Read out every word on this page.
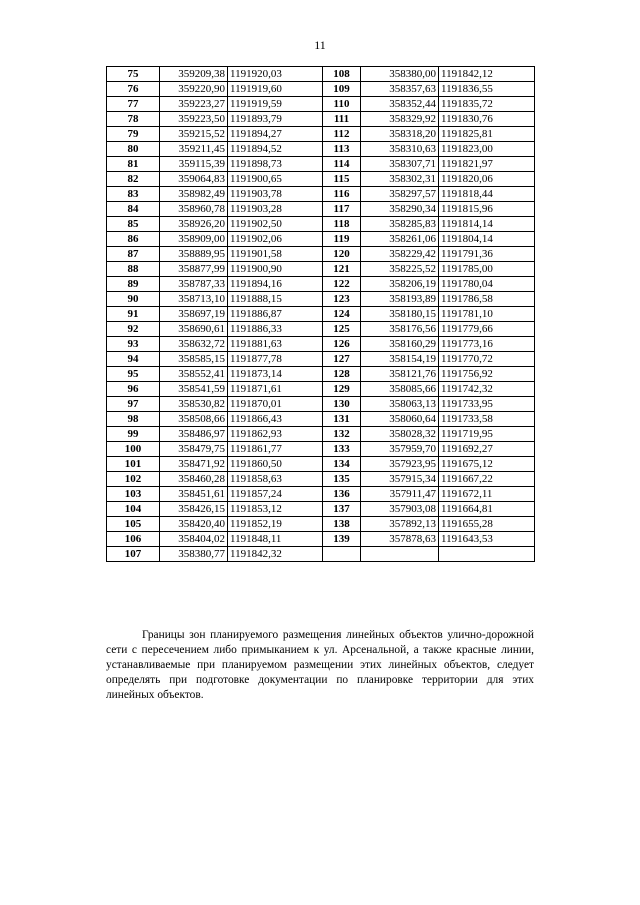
11
75	359209,38	1191920,03	108	358380,00	1191842,12
76	359220,90	1191919,60	109	358357,63	1191836,55
77	359223,27	1191919,59	110	358352,44	1191835,72
78	359223,50	1191893,79	111	358329,92	1191830,76
79	359215,52	1191894,27	112	358318,20	1191825,81
80	359211,45	1191894,52	113	358310,63	1191823,00
81	359115,39	1191898,73	114	358307,71	1191821,97
82	359064,83	1191900,65	115	358302,31	1191820,06
83	358982,49	1191903,78	116	358297,57	1191818,44
84	358960,78	1191903,28	117	358290,34	1191815,96
85	358926,20	1191902,50	118	358285,83	1191814,14
86	358909,00	1191902,06	119	358261,06	1191804,14
87	358889,95	1191901,58	120	358229,42	1191791,36
88	358877,99	1191900,90	121	358225,52	1191785,00
89	358787,33	1191894,16	122	358206,19	1191780,04
90	358713,10	1191888,15	123	358193,89	1191786,58
91	358697,19	1191886,87	124	358180,15	1191781,10
92	358690,61	1191886,33	125	358176,56	1191779,66
93	358632,72	1191881,63	126	358160,29	1191773,16
94	358585,15	1191877,78	127	358154,19	1191770,72
95	358552,41	1191873,14	128	358121,76	1191756,92
96	358541,59	1191871,61	129	358085,66	1191742,32
97	358530,82	1191870,01	130	358063,13	1191733,95
98	358508,66	1191866,43	131	358060,64	1191733,58
99	358486,97	1191862,93	132	358028,32	1191719,95
100	358479,75	1191861,77	133	357959,70	1191692,27
101	358471,92	1191860,50	134	357923,95	1191675,12
102	358460,28	1191858,63	135	357915,34	1191667,22
103	358451,61	1191857,24	136	357911,47	1191672,11
104	358426,15	1191853,12	137	357903,08	1191664,81
105	358420,40	1191852,19	138	357892,13	1191655,28
106	358404,02	1191848,11	139	357878,63	1191643,53
107	358380,77	1191842,32			

Границы зон планируемого размещения линейных объектов улично-дорожной сети с пересечением либо примыканием к ул. Арсенальной, а также красные линии, устанавливаемые при планируемом размещении этих линейных объектов, следует определять при подготовке документации по планировке территории для этих линейных объектов.
